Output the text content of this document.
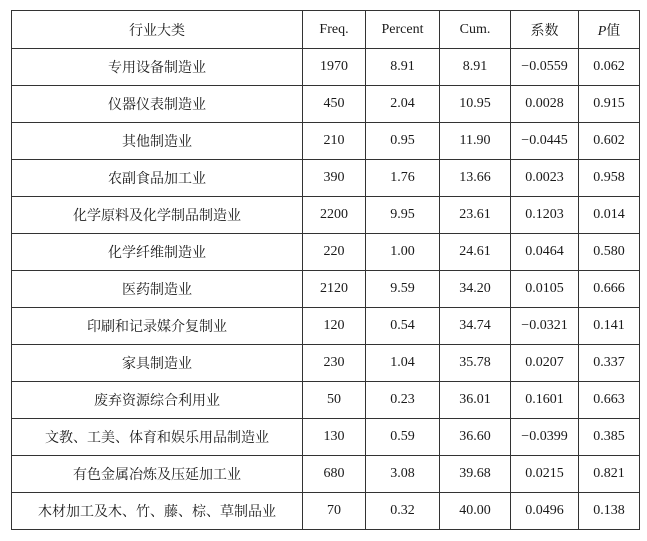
行业大类	Freq.	Percent	Cum.	系数	P值
专用设备制造业	1970	8.91	8.91	−0.0559	0.062
仪器仪表制造业	450	2.04	10.95	0.0028	0.915
其他制造业	210	0.95	11.90	−0.0445	0.602
农副食品加工业	390	1.76	13.66	0.0023	0.958
化学原料及化学制品制造业	2200	9.95	23.61	0.1203	0.014
化学纤维制造业	220	1.00	24.61	0.0464	0.580
医药制造业	2120	9.59	34.20	0.0105	0.666
印刷和记录媒介复制业	120	0.54	34.74	−0.0321	0.141
家具制造业	230	1.04	35.78	0.0207	0.337
废弃资源综合利用业	50	0.23	36.01	0.1601	0.663
文教、工美、体育和娱乐用品制造业	130	0.59	36.60	−0.0399	0.385
有色金属冶炼及压延加工业	680	3.08	39.68	0.0215	0.821
木材加工及木、竹、藤、棕、草制品业	70	0.32	40.00	0.0496	0.138
